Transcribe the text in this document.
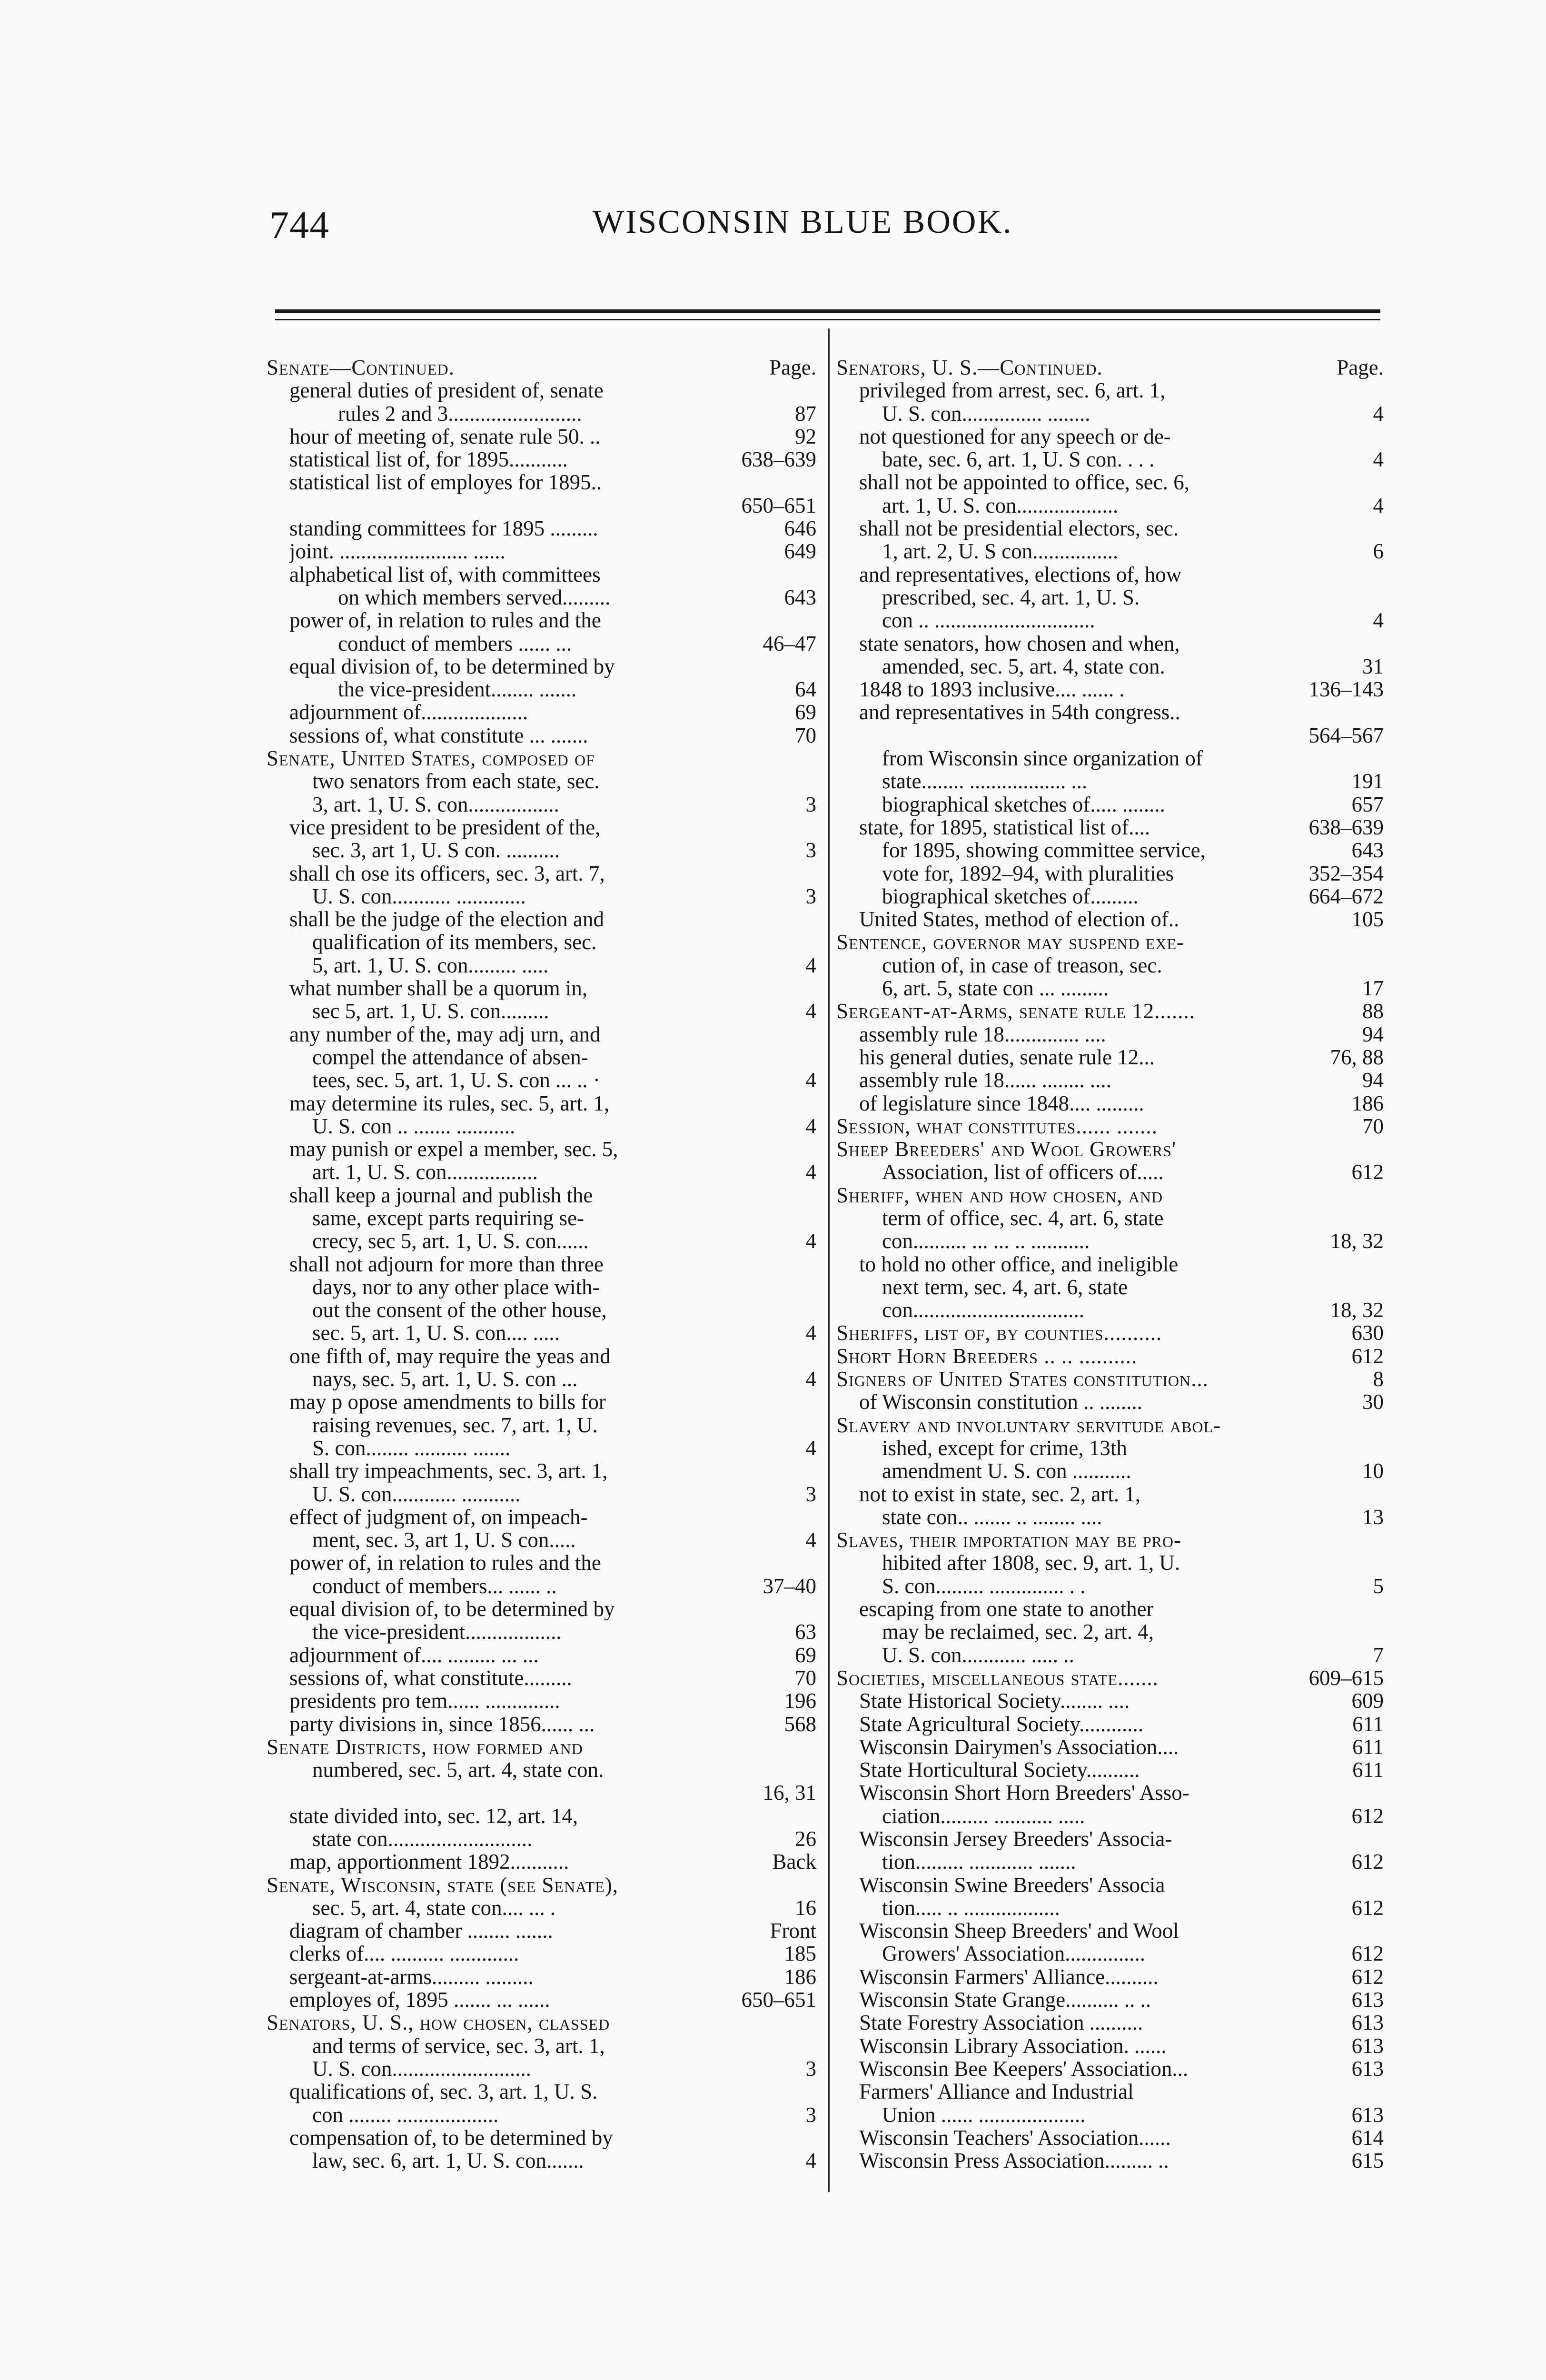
744	WISCONSIN BLUE BOOK.
Senate—Continued.	Page.
general duties of president of, senate
rules 2 and 3.........................	87
hour of meeting of, senate rule 50. ..	92
statistical list of, for 1895...........	638–639
statistical list of employes for 1895..
650–651
standing committees for 1895 .........	646
joint. ........................ ......	649
alphabetical list of, with committees
on which members served.........	643
power of, in relation to rules and the
conduct of members ...... ...	46–47
equal division of, to be determined by
the vice-president........ .......	64
adjournment of....................	69
sessions of, what constitute ... .......	70
Senate, United States, composed of
two senators from each state, sec.
3, art. 1, U. S. con.................	3
vice president to be president of the,
sec. 3, art 1, U. S con. ..........	3
shall ch ose its officers, sec. 3, art. 7,
U. S. con........... .............	3
shall be the judge of the election and
qualification of its members, sec.
5, art. 1, U. S. con......... .....	4
what number shall be a quorum in,
sec 5, art. 1, U. S. con.........	4
any number of the, may adj urn, and
compel the attendance of absen-
tees, sec. 5, art. 1, U. S. con ... .. ·	4
may determine its rules, sec. 5, art. 1,
U. S. con .. ....... ...........	4
may punish or expel a member, sec. 5,
art. 1, U. S. con.................	4
shall keep a journal and publish the
same, except parts requiring se-
crecy, sec 5, art. 1, U. S. con......	4
shall not adjourn for more than three
days, nor to any other place with-
out the consent of the other house,
sec. 5, art. 1, U. S. con.... .....	4
one fifth of, may require the yeas and
nays, sec. 5, art. 1, U. S. con ...	4
may p opose amendments to bills for
raising revenues, sec. 7, art. 1, U.
S. con........ .......... .......	4
shall try impeachments, sec. 3, art. 1,
U. S. con............ ...........	3
effect of judgment of, on impeach-
ment, sec. 3, art 1, U. S con.....	4
power of, in relation to rules and the
conduct of members... ...... ..	37–40
equal division of, to be determined by
the vice-president..................	63
adjournment of.... ......... ... ...	69
sessions of, what constitute.........	70
presidents pro tem...... ..............	196
party divisions in, since 1856...... ...	568
Senate Districts, how formed and
numbered, sec. 5, art. 4, state con.
16, 31
state divided into, sec. 12, art. 14,
state con...........................	26
map, apportionment 1892...........	Back
Senate, Wisconsin, state (see Senate),
sec. 5, art. 4, state con.... ... .	16
diagram of chamber ........ .......	Front
clerks of.... .......... .............	185
sergeant-at-arms......... .........	186
employes of, 1895 ....... ... ......	650–651
Senators, U. S., how chosen, classed
and terms of service, sec. 3, art. 1,
U. S. con..........................	3
qualifications of, sec. 3, art. 1, U. S.
con ........ ...................	3
compensation of, to be determined by
law, sec. 6, art. 1, U. S. con.......	4
Senators, U. S.—Continued.	Page.
privileged from arrest, sec. 6, art. 1,
U. S. con............... ........	4
not questioned for any speech or de-
bate, sec. 6, art. 1, U. S con. . . .	4
shall not be appointed to office, sec. 6,
art. 1, U. S. con...................	4
shall not be presidential electors, sec.
1, art. 2, U. S con................	6
and representatives, elections of, how
prescribed, sec. 4, art. 1, U. S.
con .. ..............................	4
state senators, how chosen and when,
amended, sec. 5, art. 4, state con.	31
1848 to 1893 inclusive.... ...... .	136–143
and representatives in 54th congress..
564–567
from Wisconsin since organization of
state........ .................. ...	191
biographical sketches of..... ........	657
state, for 1895, statistical list of....	638–639
for 1895, showing committee service,	643
vote for, 1892–94, with pluralities	352–354
biographical sketches of.........	664–672
United States, method of election of..	105
Sentence, governor may suspend exe-
cution of, in case of treason, sec.
6, art. 5, state con ... .........	17
Sergeant-at-Arms, senate rule 12.......	88
assembly rule 18.............. ....	94
his general duties, senate rule 12...	76, 88
assembly rule 18...... ........ ....	94
of legislature since 1848.... .........	186
Session, what constitutes...... .......	70
Sheep Breeders' and Wool Growers'
Association, list of officers of.....	612
Sheriff, when and how chosen, and
term of office, sec. 4, art. 6, state
con.......... ... ... .. ...........	18, 32
to hold no other office, and ineligible
next term, sec. 4, art. 6, state
con................................	18, 32
Sheriffs, list of, by counties..........	630
Short Horn Breeders .. .. ..........	612
Signers of United States constitution...	8
of Wisconsin constitution .. ........	30
Slavery and involuntary servitude abol-
ished, except for crime, 13th
amendment U. S. con ...........	10
not to exist in state, sec. 2, art. 1,
state con.. ....... .. ........ ....	13
Slaves, their importation may be pro-
hibited after 1808, sec. 9, art. 1, U.
S. con......... .............. . .	5
escaping from one state to another
may be reclaimed, sec. 2, art. 4,
U. S. con............ ..... ..	7
Societies, miscellaneous state.......	609–615
State Historical Society........ ....	609
State Agricultural Society............	611
Wisconsin Dairymen's Association....	611
State Horticultural Society..........	611
Wisconsin Short Horn Breeders' Asso-
ciation......... ........... .....	612
Wisconsin Jersey Breeders' Associa-
tion......... ............ .......	612
Wisconsin Swine Breeders' Associa
tion..... .. ..................	612
Wisconsin Sheep Breeders' and Wool
Growers' Association...............	612
Wisconsin Farmers' Alliance..........	612
Wisconsin State Grange.......... .. ..	613
State Forestry Association ..........	613
Wisconsin Library Association. ......	613
Wisconsin Bee Keepers' Association...	613
Farmers' Alliance and Industrial
Union ...... ....................	613
Wisconsin Teachers' Association......	614
Wisconsin Press Association......... ..	615
